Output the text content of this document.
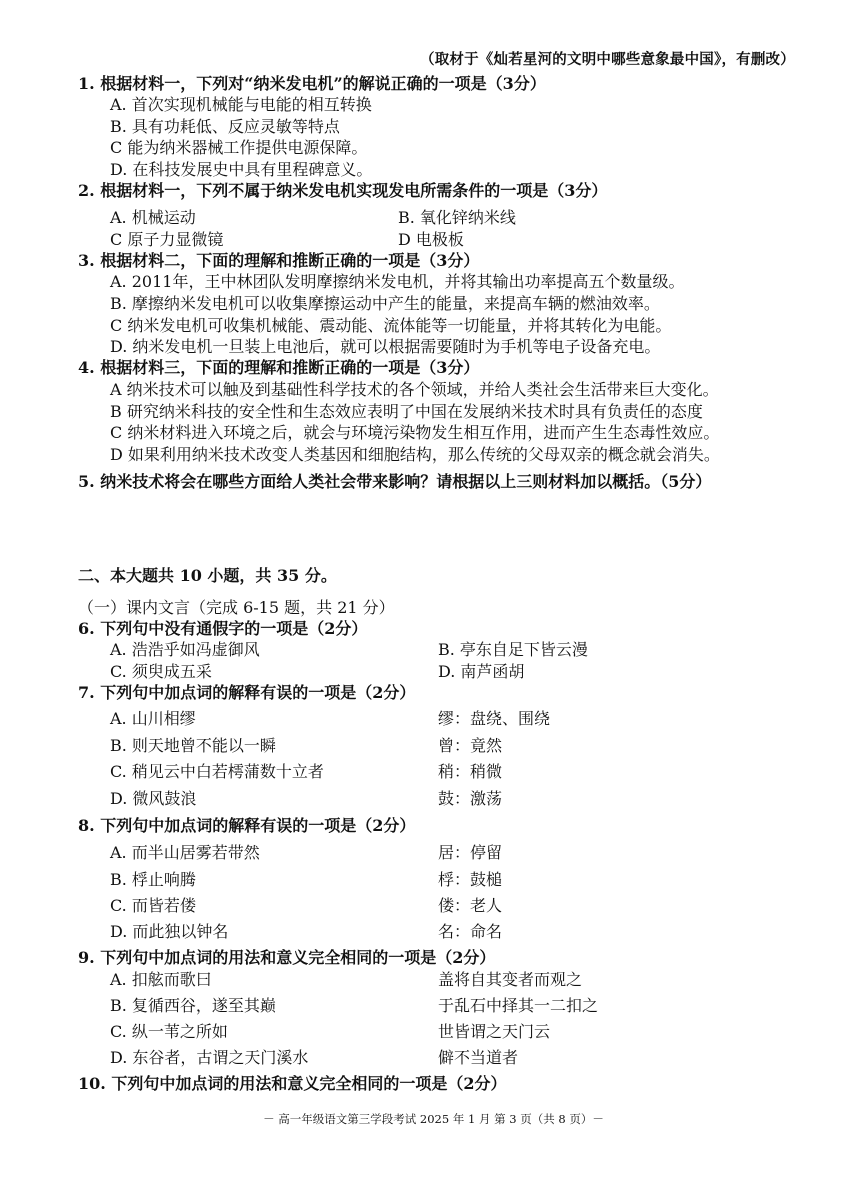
（取材于《灿若星河的文明中哪些意象最中国》，有删改）
1. 根据材料一，下列对“纳米发电机”的解说正确的一项是（3分）
A. 首次实现机械能与电能的相互转换
B. 具有功耗低、反应灵敏等特点
C 能为纳米器械工作提供电源保障。
D. 在科技发展史中具有里程碑意义。
2. 根据材料一，下列不属于纳米发电机实现发电所需条件的一项是（3分）
A. 机械运动	B. 氧化锌纳米线
C 原子力显微镜	D 电极板
3. 根据材料二，下面的理解和推断正确的一项是（3分）
A. 2011年，王中林团队发明摩擦纳米发电机，并将其输出功率提高五个数量级。
B. 摩擦纳米发电机可以收集摩擦运动中产生的能量，来提高车辆的燃油效率。
C 纳米发电机可收集机械能、震动能、流体能等一切能量，并将其转化为电能。
D. 纳米发电机一旦装上电池后，就可以根据需要随时为手机等电子设备充电。
4. 根据材料三，下面的理解和推断正确的一项是（3分）
A 纳米技术可以触及到基础性科学技术的各个领域，并给人类社会生活带来巨大变化。
B 研究纳米科技的安全性和生态效应表明了中国在发展纳米技术时具有负责任的态度
C 纳米材料进入环境之后，就会与环境污染物发生相互作用，进而产生生态毒性效应。
D 如果利用纳米技术改变人类基因和细胞结构，那么传统的父母双亲的概念就会消失。
5. 纳米技术将会在哪些方面给人类社会带来影响？请根据以上三则材料加以概括。（5分）
二、本大题共 10 小题，共 35 分。
（一）课内文言（完成 6-15 题，共 21 分）
6. 下列句中没有通假字的一项是（2分）
A. 浩浩乎如冯虚御风	B. 亭东自足下皆云漫
C. 须臾成五采	D. 南芦函胡
7. 下列句中加点词的解释有误的一项是（2分）
A. 山川相缪	缪：盘绕、围绕
B. 则天地曾不能以一瞬	曾：竟然
C. 稍见云中白若樗蒲数十立者	稍：稍微
D. 微风鼓浪	鼓：激荡
8. 下列句中加点词的解释有误的一项是（2分）
A. 而半山居雾若带然	居：停留
B. 桴止响腾	桴：鼓槌
C. 而皆若偻	偻：老人
D. 而此独以钟名	名：命名
9. 下列句中加点词的用法和意义完全相同的一项是（2分）
A. 扣舷而歌曰	盖将自其变者而观之
B. 复循西谷，遂至其巅	于乱石中择其一二扣之
C. 纵一苇之所如	世皆谓之天门云
D. 东谷者，古谓之天门溪水	僻不当道者
10. 下列句中加点词的用法和意义完全相同的一项是（2分）
－ 高一年级语文第三学段考试 2025 年 1 月 第 3 页（共 8 页）－
